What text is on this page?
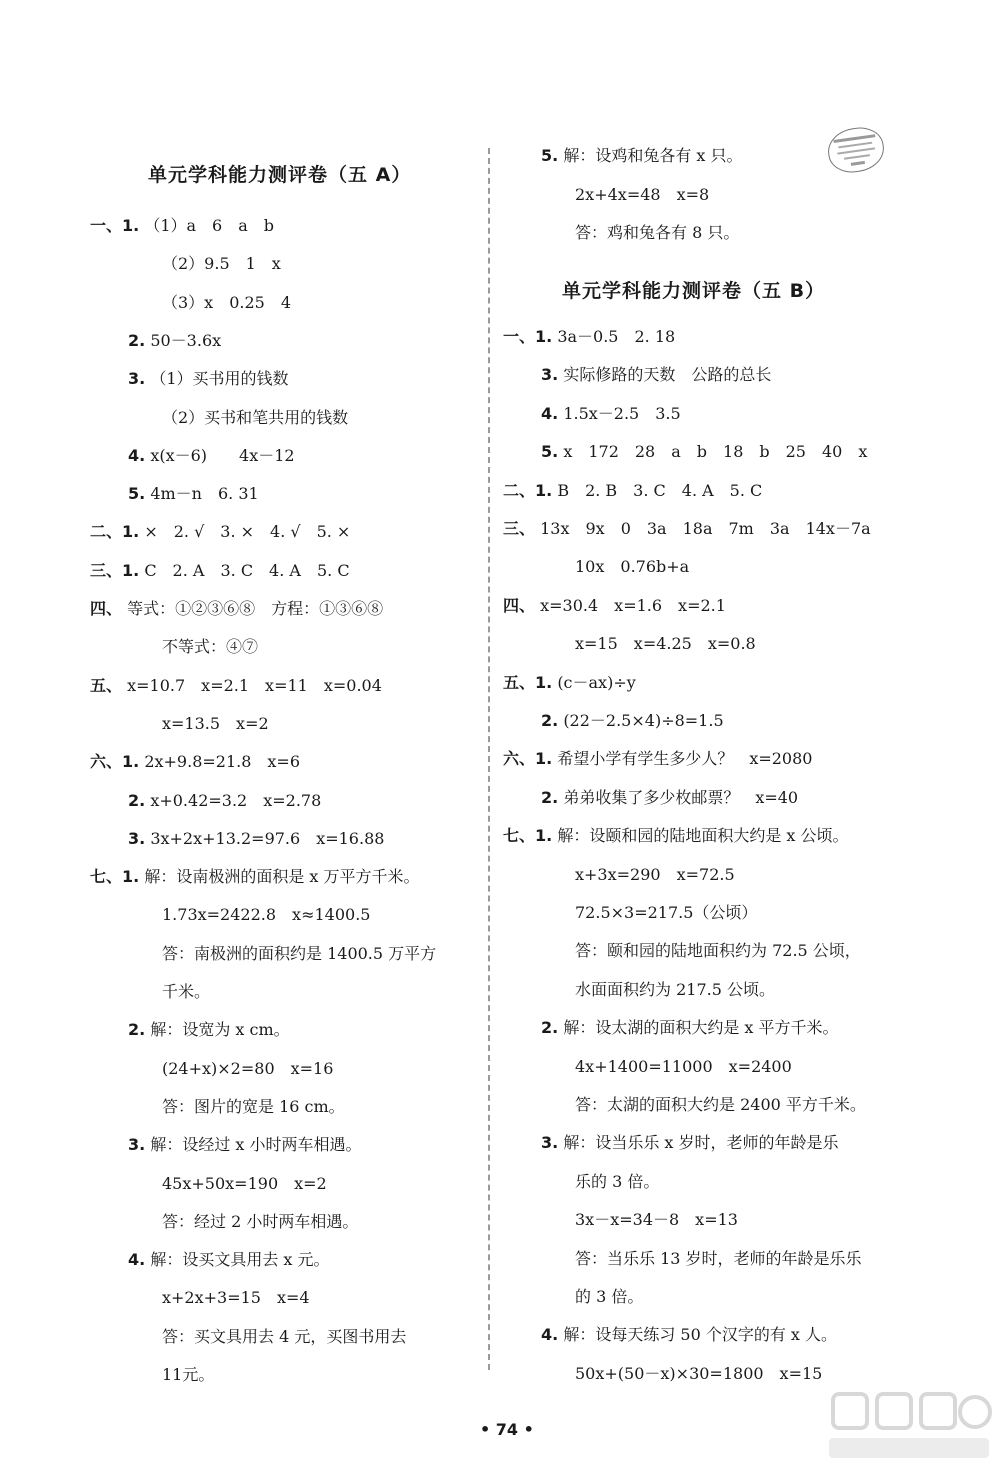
单元学科能力测评卷（五 A）
一、1. （1）a　6　a　b
（2）9.5　1　x
（3）x　0.25　4
2. 50－3.6x
3. （1）买书用的钱数
（2）买书和笔共用的钱数
4. x(x－6)　　4x－12
5. 4m－n　6. 31
二、1. ×　2. √　3. ×　4. √　5. ×
三、1. C　2. A　3. C　4. A　5. C
四、 等式：①②③⑥⑧　方程：①③⑥⑧
不等式：④⑦
五、 x=10.7　x=2.1　x=11　x=0.04
x=13.5　x=2
六、1. 2x+9.8=21.8　x=6
2. x+0.42=3.2　x=2.78
3. 3x+2x+13.2=97.6　x=16.88
七、1. 解：设南极洲的面积是 x 万平方千米。
1.73x=2422.8　x≈1400.5
答：南极洲的面积约是 1400.5 万平方
千米。
2. 解：设宽为 x cm。
(24+x)×2=80　x=16
答：图片的宽是 16 cm。
3. 解：设经过 x 小时两车相遇。
45x+50x=190　x=2
答：经过 2 小时两车相遇。
4. 解：设买文具用去 x 元。
x+2x+3=15　x=4
答：买文具用去 4 元，买图书用去
11元。
5. 解：设鸡和兔各有 x 只。
2x+4x=48　x=8
答：鸡和兔各有 8 只。
单元学科能力测评卷（五 B）
一、1. 3a－0.5　2. 18
3. 实际修路的天数　公路的总长
4. 1.5x－2.5　3.5
5. x　172　28　a　b　18　b　25　40　x
二、1. B　2. B　3. C　4. A　5. C
三、 13x　9x　0　3a　18a　7m　3a　14x－7a
10x　0.76b+a
四、 x=30.4　x=1.6　x=2.1
x=15　x=4.25　x=0.8
五、1. (c－ax)÷y
2. (22－2.5×4)÷8=1.5
六、1. 希望小学有学生多少人？　x=2080
2. 弟弟收集了多少枚邮票？　x=40
七、1. 解：设颐和园的陆地面积大约是 x 公顷。
x+3x=290　x=72.5
72.5×3=217.5（公顷）
答：颐和园的陆地面积约为 72.5 公顷，
水面面积约为 217.5 公顷。
2. 解：设太湖的面积大约是 x 平方千米。
4x+1400=11000　x=2400
答：太湖的面积大约是 2400 平方千米。
3. 解：设当乐乐 x 岁时，老师的年龄是乐
乐的 3 倍。
3x－x=34－8　x=13
答：当乐乐 13 岁时，老师的年龄是乐乐
的 3 倍。
4. 解：设每天练习 50 个汉字的有 x 人。
50x+(50－x)×30=1800　x=15
• 74 •
